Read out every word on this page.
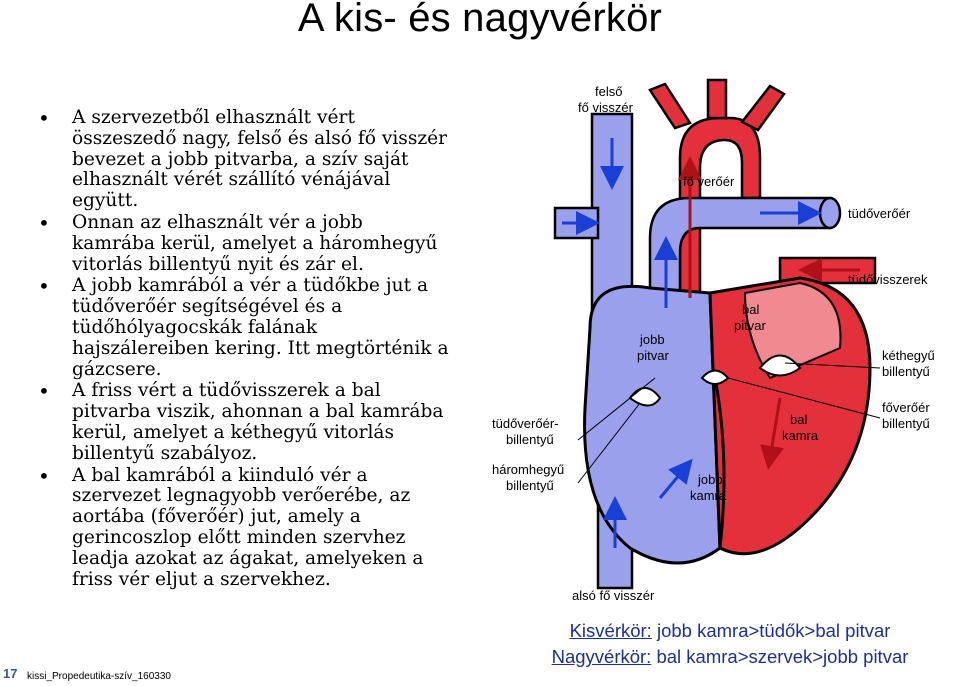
A kis- és nagyvérkör
• A szervezetből elhasznált vért összeszedő nagy, felső és alsó fő visszér bevezet a jobb pitvarba, a szív saját elhasznált vérét szállító vénájával együtt.
• Onnan az elhasznált vér a jobb kamrába kerül, amelyet a háromhegyű vitorlás billentyű nyit és zár el.
• A jobb kamrából a vér a tüdőkbe jut a tüdőverőér segítségével és a tüdőhólyagocskák falának hajszálereiben kering. Itt megtörténik a gázcsere.
• A friss vért a tüdővisszerek a bal pitvarba viszik, ahonnan a bal kamrába kerül, amelyet a kéthegyű vitorlás billentyű szabályoz.
• A bal kamrából a kiinduló vér a szervezet legnagyobb verőerébe, az aortába (főverőér) jut, amely a gerincoszlop előtt minden szervhez leadja azokat az ágakat, amelyeken a friss vér eljut a szervekhez.
felső
fő visszér
fő verőér
tüdőverőér
tüdővisszerek
bal
pitvar
jobb
pitvar	kéthegyű
billentyű
főverőér
billentyű
tüdőverőér-
billentyű
bal
kamra
háromhegyű
billentyű	jobb
kamra
alsó fő visszér
Kisvérkör: jobb kamra>tüdők>bal pitvar
Nagyvérkör: bal kamra>szervek>jobb pitvar
17 kissi_Propedeutika-szív_160330
